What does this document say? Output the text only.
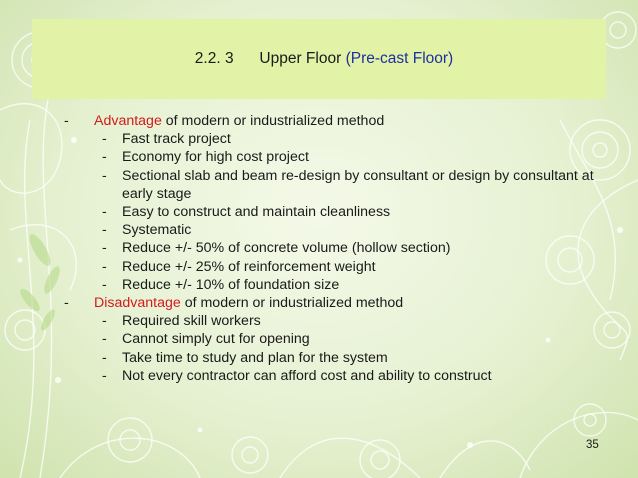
2.2. 3 Upper Floor (Pre-cast Floor)
- Advantage of modern or industrialized method
- Fast track project
- Economy for high cost project
- Sectional slab and beam re-design by consultant or design by consultant at early stage
- Easy to construct and maintain cleanliness
- Systematic
- Reduce +/- 50% of concrete volume (hollow section)
- Reduce +/- 25% of reinforcement weight
- Reduce +/- 10% of foundation size
- Disadvantage of modern or industrialized method
- Required skill workers
- Cannot simply cut for opening
- Take time to study and plan for the system
- Not every contractor can afford cost and ability to construct
35
